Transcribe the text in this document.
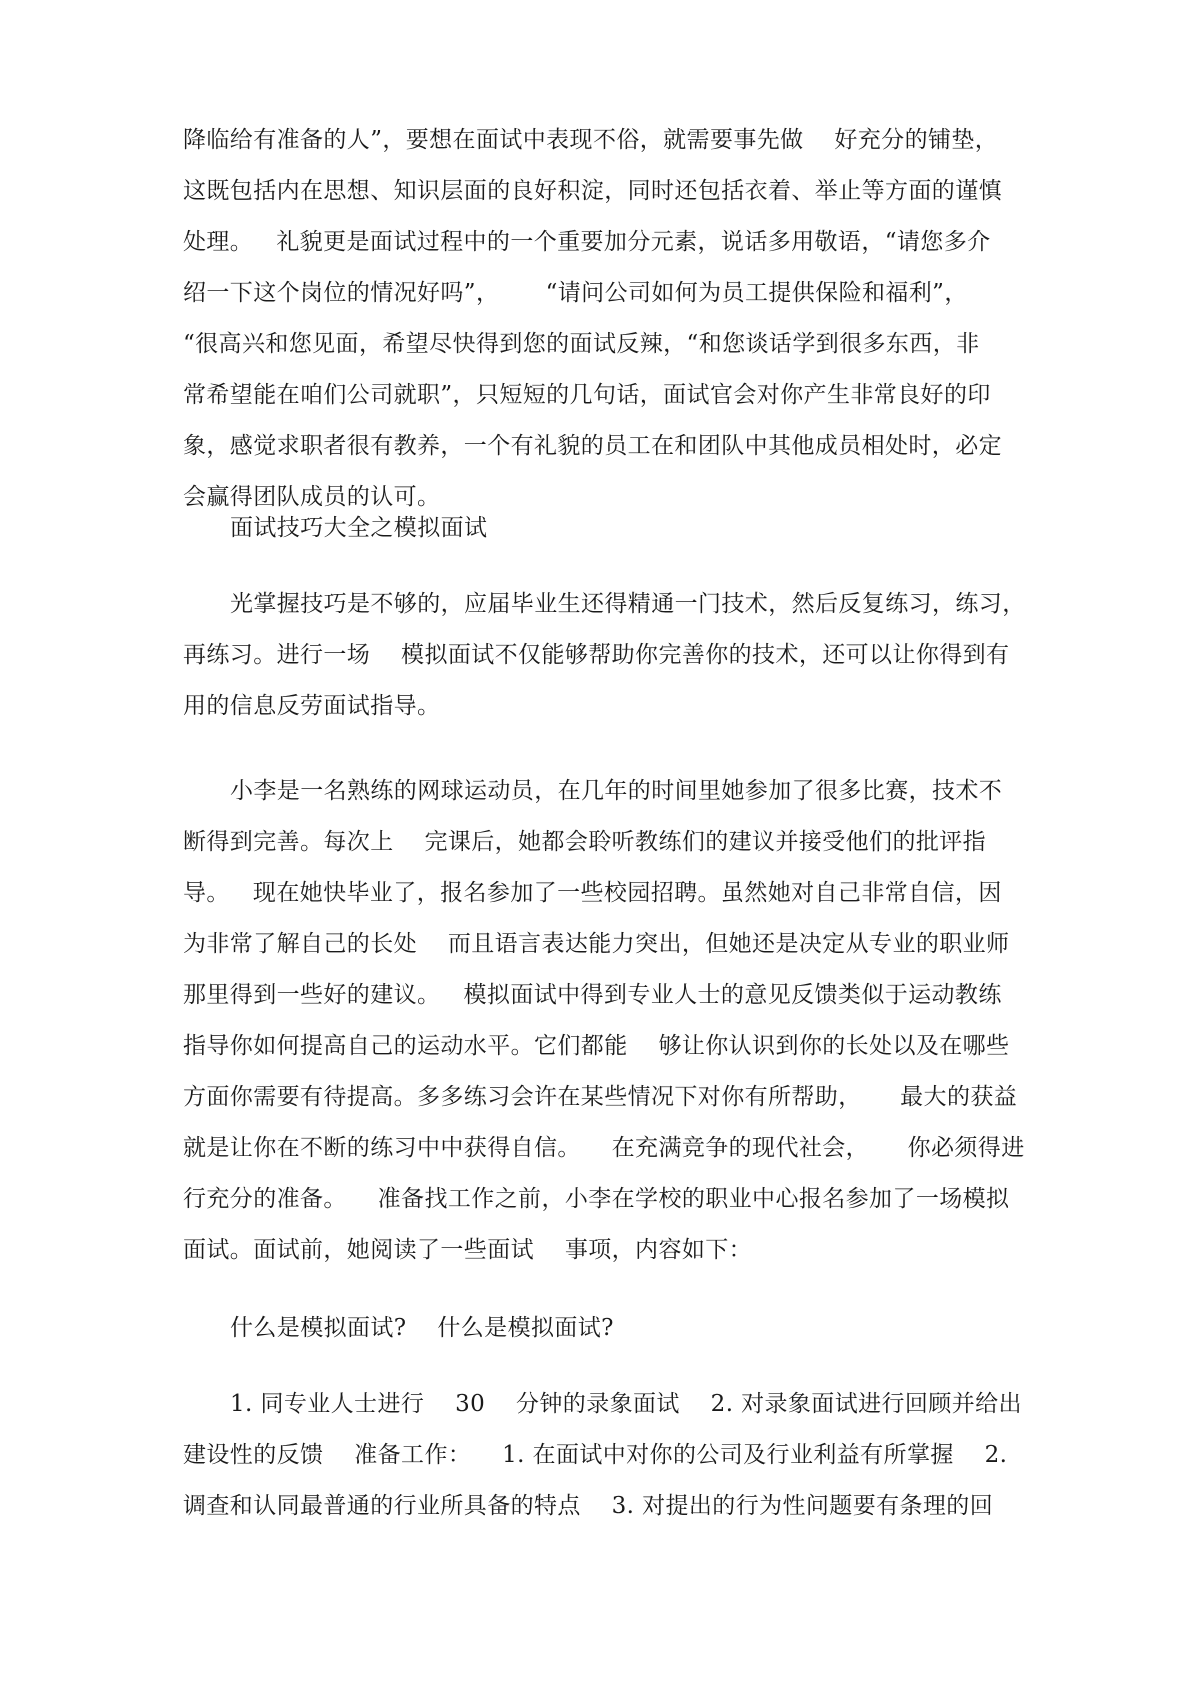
降临给有准备的人”，要想在面试中表现不俗，就需要事先做    好充分的铺垫，
这既包括内在思想、知识层面的良好积淀，同时还包括衣着、举止等方面的谨慎
处理。   礼貌更是面试过程中的一个重要加分元素，说话多用敬语，“请您多介
绍一下这个岗位的情况好吗”，      “请问公司如何为员工提供保险和福利”，
“很高兴和您见面，希望尽快得到您的面试反辣，“和您谈话学到很多东西，非
常希望能在咱们公司就职”，只短短的几句话，面试官会对你产生非常良好的印
象，感觉求职者很有教养，一个有礼貌的员工在和团队中其他成员相处时，必定
会赢得团队成员的认可。
面试技巧大全之模拟面试
光掌握技巧是不够的，应届毕业生还得精通一门技术，然后反复练习，练习，
再练习。进行一场    模拟面试不仅能够帮助你完善你的技术，还可以让你得到有
用的信息反劳面试指导。
小李是一名熟练的网球运动员，在几年的时间里她参加了很多比赛，技术不
断得到完善。每次上    完课后，她都会聆听教练们的建议并接受他们的批评指
导。   现在她快毕业了，报名参加了一些校园招聘。虽然她对自己非常自信，因
为非常了解自己的长处    而且语言表达能力突出，但她还是决定从专业的职业师
那里得到一些好的建议。   模拟面试中得到专业人士的意见反馈类似于运动教练
指导你如何提高自己的运动水平。它们都能    够让你认识到你的长处以及在哪些
方面你需要有待提高。多多练习会许在某些情况下对你有所帮助，     最大的获益
就是让你在不断的练习中中获得自信。    在充满竞争的现代社会，     你必须得进
行充分的准备。    准备找工作之前，小李在学校的职业中心报名参加了一场模拟
面试。面试前，她阅读了一些面试    事项，内容如下：
什么是模拟面试?    什么是模拟面试?
1. 同专业人士进行    30    分钟的录象面试    2. 对录象面试进行回顾并给出
建设性的反馈    准备工作：    1. 在面试中对你的公司及行业利益有所掌握    2.
调查和认同最普通的行业所具备的特点    3. 对提出的行为性问题要有条理的回
